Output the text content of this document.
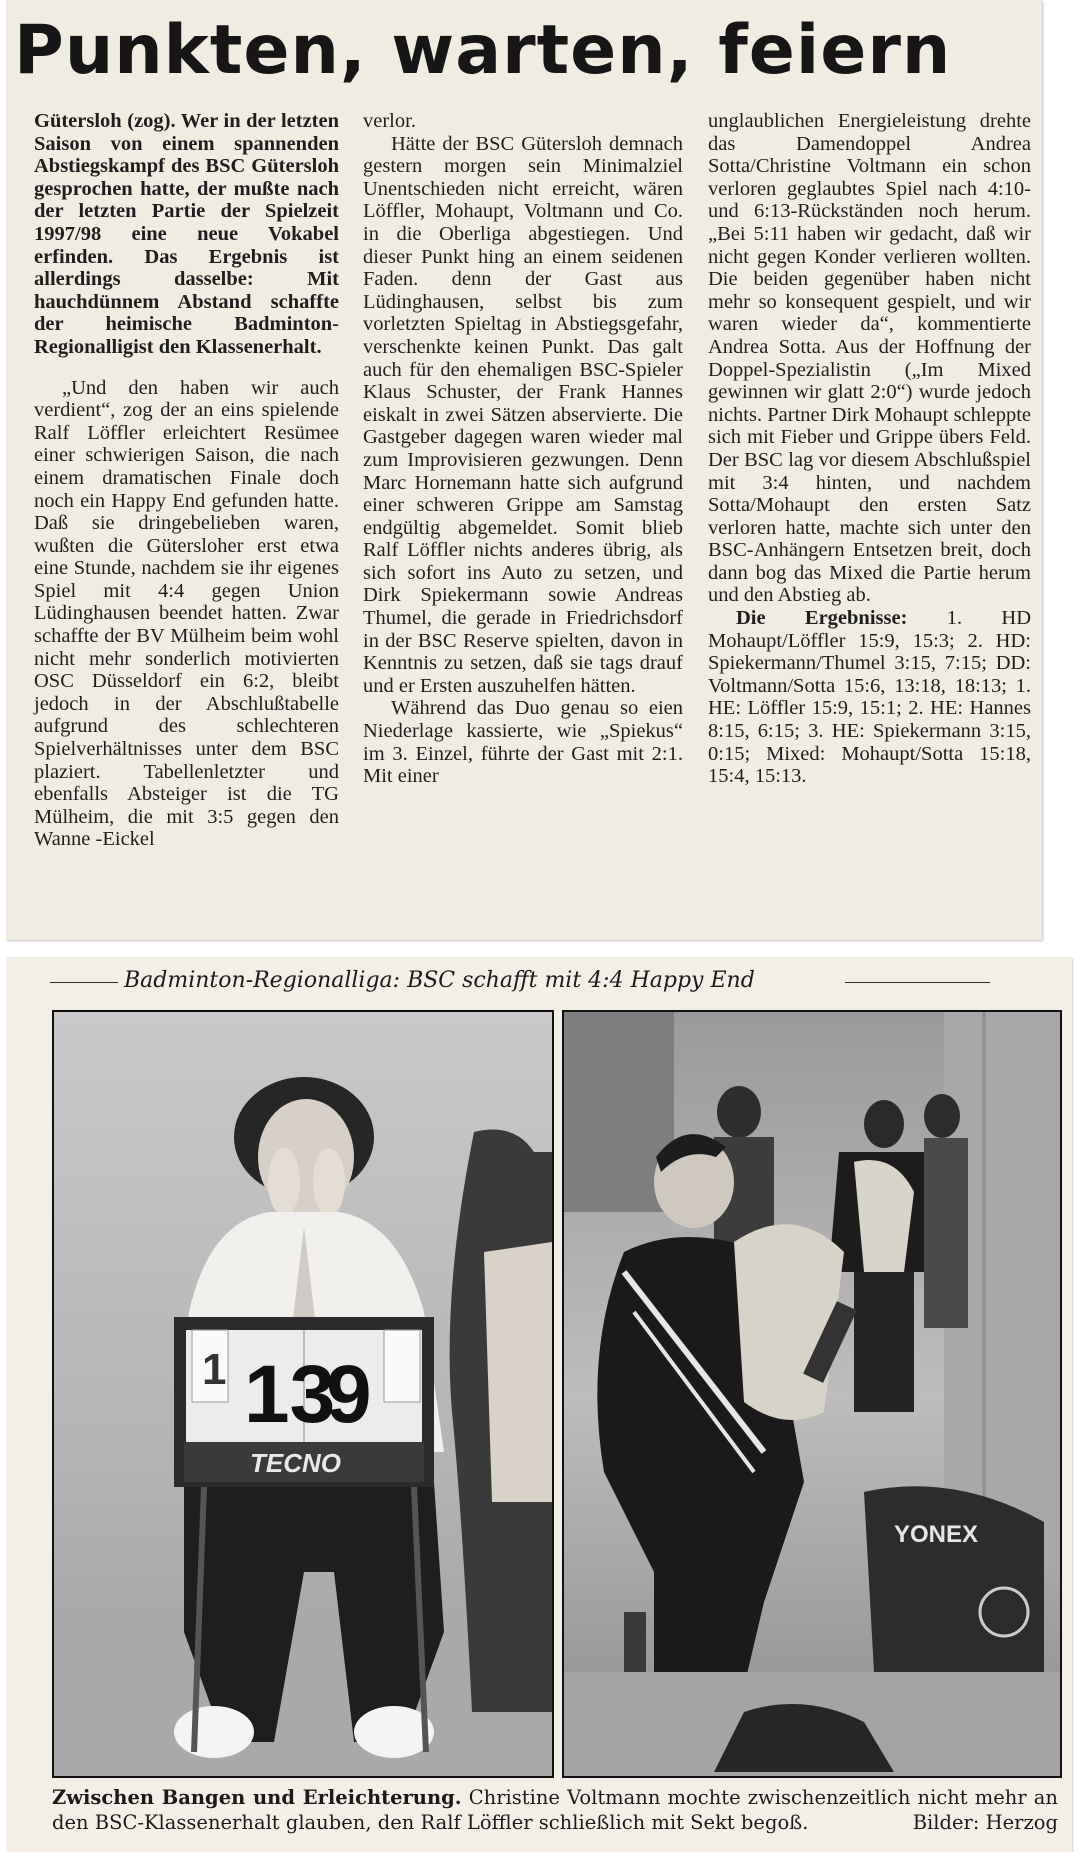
Punkten, warten, feiern

Gütersloh (zog). Wer in der letzten Saison von einem spannenden Abstiegskampf des BSC Gütersloh gesprochen hatte, der mußte nach der letzten Partie der Spielzeit 1997/98 eine neue Vokabel erfinden. Das Ergebnis ist allerdings dasselbe: Mit hauchdünnem Abstand schaffte der heimische Badminton-Regionalligist den Klassenerhalt.

„Und den haben wir auch verdient“, zog der an eins spielende Ralf Löffler erleichtert Resümee einer schwierigen Saison, die nach einem dramatischen Finale doch noch ein Happy End gefunden hatte. Daß sie dringebelieben waren, wußten die Gütersloher erst etwa eine Stunde, nachdem sie ihr eigenes Spiel mit 4:4 gegen Union Lüdinghausen beendet hatten. Zwar schaffte der BV Mülheim beim wohl nicht mehr sonderlich motivierten OSC Düsseldorf ein 6:2, bleibt jedoch in der Abschlußtabelle aufgrund des schlechteren Spielverhältnisses unter dem BSC plaziert. Tabellenletzter und ebenfalls Absteiger ist die TG Mülheim, die mit 3:5 gegen den Wanne -Eickel

verlor.

Hätte der BSC Gütersloh demnach gestern morgen sein Minimalziel Unentschieden nicht erreicht, wären Löffler, Mohaupt, Voltmann und Co. in die Oberliga abgestiegen. Und dieser Punkt hing an einem seidenen Faden. denn der Gast aus Lüdinghausen, selbst bis zum vorletzten Spieltag in Abstiegsgefahr, verschenkte keinen Punkt. Das galt auch für den ehemaligen BSC-Spieler Klaus Schuster, der Frank Hannes eiskalt in zwei Sätzen abservierte. Die Gastgeber dagegen waren wieder mal zum Improvisieren gezwungen. Denn Marc Hornemann hatte sich aufgrund einer schweren Grippe am Samstag endgültig abgemeldet. Somit blieb Ralf Löffler nichts anderes übrig, als sich sofort ins Auto zu setzen, und Dirk Spiekermann sowie Andreas Thumel, die gerade in Friedrichsdorf in der BSC Reserve spielten, davon in Kenntnis zu setzen, daß sie tags drauf und er Ersten auszuhelfen hätten.

Während das Duo genau so eien Niederlage kassierte, wie „Spiekus“ im 3. Einzel, führte der Gast mit 2:1. Mit einer

unglaublichen Energieleistung drehte das Damendoppel Andrea Sotta/Christine Voltmann ein schon verloren geglaubtes Spiel nach 4:10- und 6:13-Rückständen noch herum. „Bei 5:11 haben wir gedacht, daß wir nicht gegen Konder verlieren wollten. Die beiden gegenüber haben nicht mehr so konsequent gespielt, und wir waren wieder da“, kommentierte Andrea Sotta. Aus der Hoffnung der Doppel-Spezialistin („Im Mixed gewinnen wir glatt 2:0“) wurde jedoch nichts. Partner Dirk Mohaupt schleppte sich mit Fieber und Grippe übers Feld. Der BSC lag vor diesem Abschlußspiel mit 3:4 hinten, und nachdem Sotta/Mohaupt den ersten Satz verloren hatte, machte sich unter den BSC-Anhängern Entsetzen breit, doch dann bog das Mixed die Partie herum und den Abstieg ab.

Die Ergebnisse: 1. HD Mohaupt/Löffler 15:9, 15:3; 2. HD: Spiekermann/Thumel 3:15, 7:15; DD: Voltmann/Sotta 15:6, 13:18, 18:13; 1. HE: Löffler 15:9, 15:1; 2. HE: Hannes 8:15, 6:15; 3. HE: Spiekermann 3:15, 0:15; Mixed: Mohaupt/Sotta 15:18, 15:4, 15:13.

Badminton-Regionalliga: BSC schafft mit 4:4 Happy End
1 13
9
TECNO
YONEX
Zwischen Bangen und Erleichterung. Christine Voltmann mochte zwischenzeitlich nicht mehr an den BSC-Klassenerhalt glauben, den Ralf Löffler schließlich mit Sekt begoß.	Bilder: Herzog
